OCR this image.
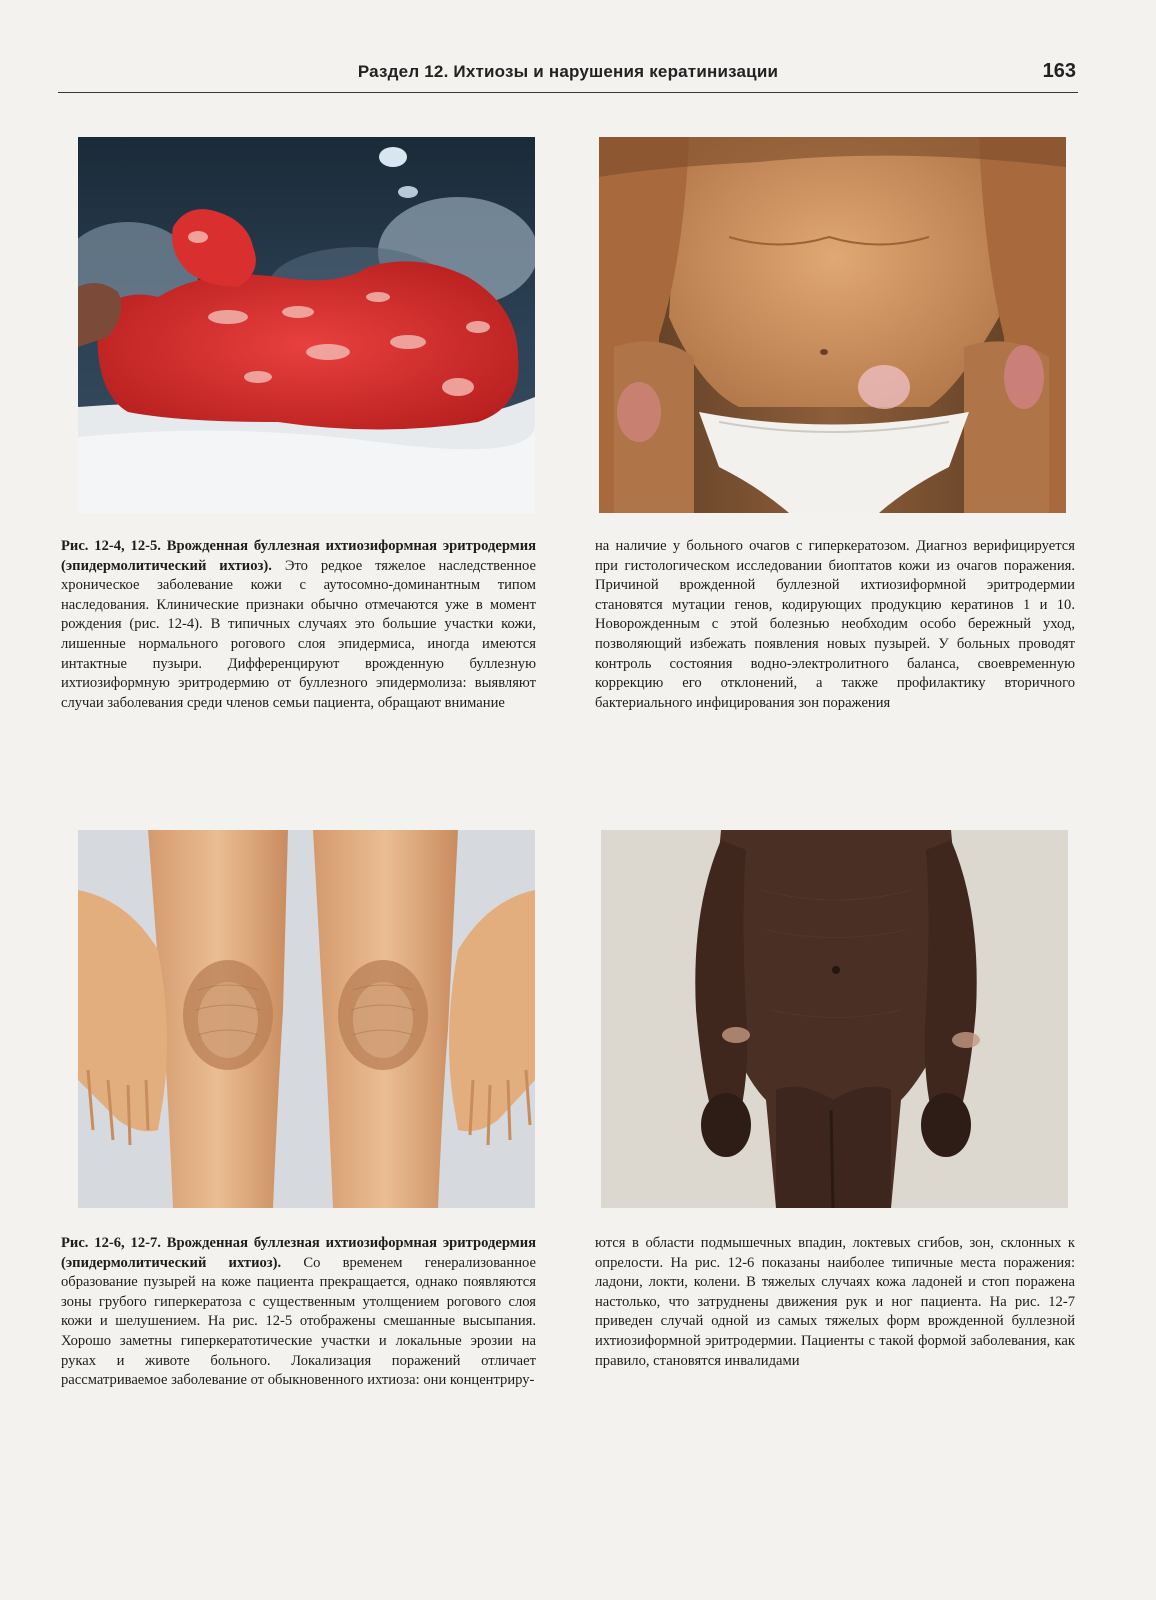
Раздел 12. Ихтиозы и нарушения кератинизации	163
Рис. 12-4, 12-5. Врожденная буллезная ихтиозиформная эритродермия (эпидермолитический ихтиоз). Это редкое тяжелое наследственное хроническое заболевание кожи с аутосомно-доминантным типом наследования. Клинические признаки обычно отмечаются уже в момент рождения (рис. 12-4). В типичных случаях это большие участки кожи, лишенные нормального рогового слоя эпидермиса, иногда имеются интактные пузыри. Дифференцируют врожденную буллезную ихтиозиформную эритродермию от буллезного эпидермолиза: выявляют случаи заболевания среди членов семьи пациента, обращают внимание
на наличие у больного очагов с гиперкератозом. Диагноз верифицируется при гистологическом исследовании биоптатов кожи из очагов поражения. Причиной врожденной буллезной ихтиозиформной эритродермии становятся мутации генов, кодирующих продукцию кератинов 1 и 10. Новорожденным с этой болезнью необходим особо бережный уход, позволяющий избежать появления новых пузырей. У больных проводят контроль состояния водно-электролитного баланса, своевременную коррекцию его отклонений, а также профилактику вторичного бактериального инфицирования зон поражения
Рис. 12-6, 12-7. Врожденная буллезная ихтиозиформная эритродермия (эпидермолитический ихтиоз). Со временем генерализованное образование пузырей на коже пациента прекращается, однако появляются зоны грубого гиперкератоза с существенным утолщением рогового слоя кожи и шелушением. На рис. 12-5 отображены смешанные высыпания. Хорошо заметны гиперкератотические участки и локальные эрозии на руках и животе больного. Локализация поражений отличает рассматриваемое заболевание от обыкновенного ихтиоза: они концентриру-
ются в области подмышечных впадин, локтевых сгибов, зон, склонных к опрелости. На рис. 12-6 показаны наиболее типичные места поражения: ладони, локти, колени. В тяжелых случаях кожа ладоней и стоп поражена настолько, что затруднены движения рук и ног пациента. На рис. 12-7 приведен случай одной из самых тяжелых форм врожденной буллезной ихтиозиформной эритродермии. Пациенты с такой формой заболевания, как правило, становятся инвалидами
